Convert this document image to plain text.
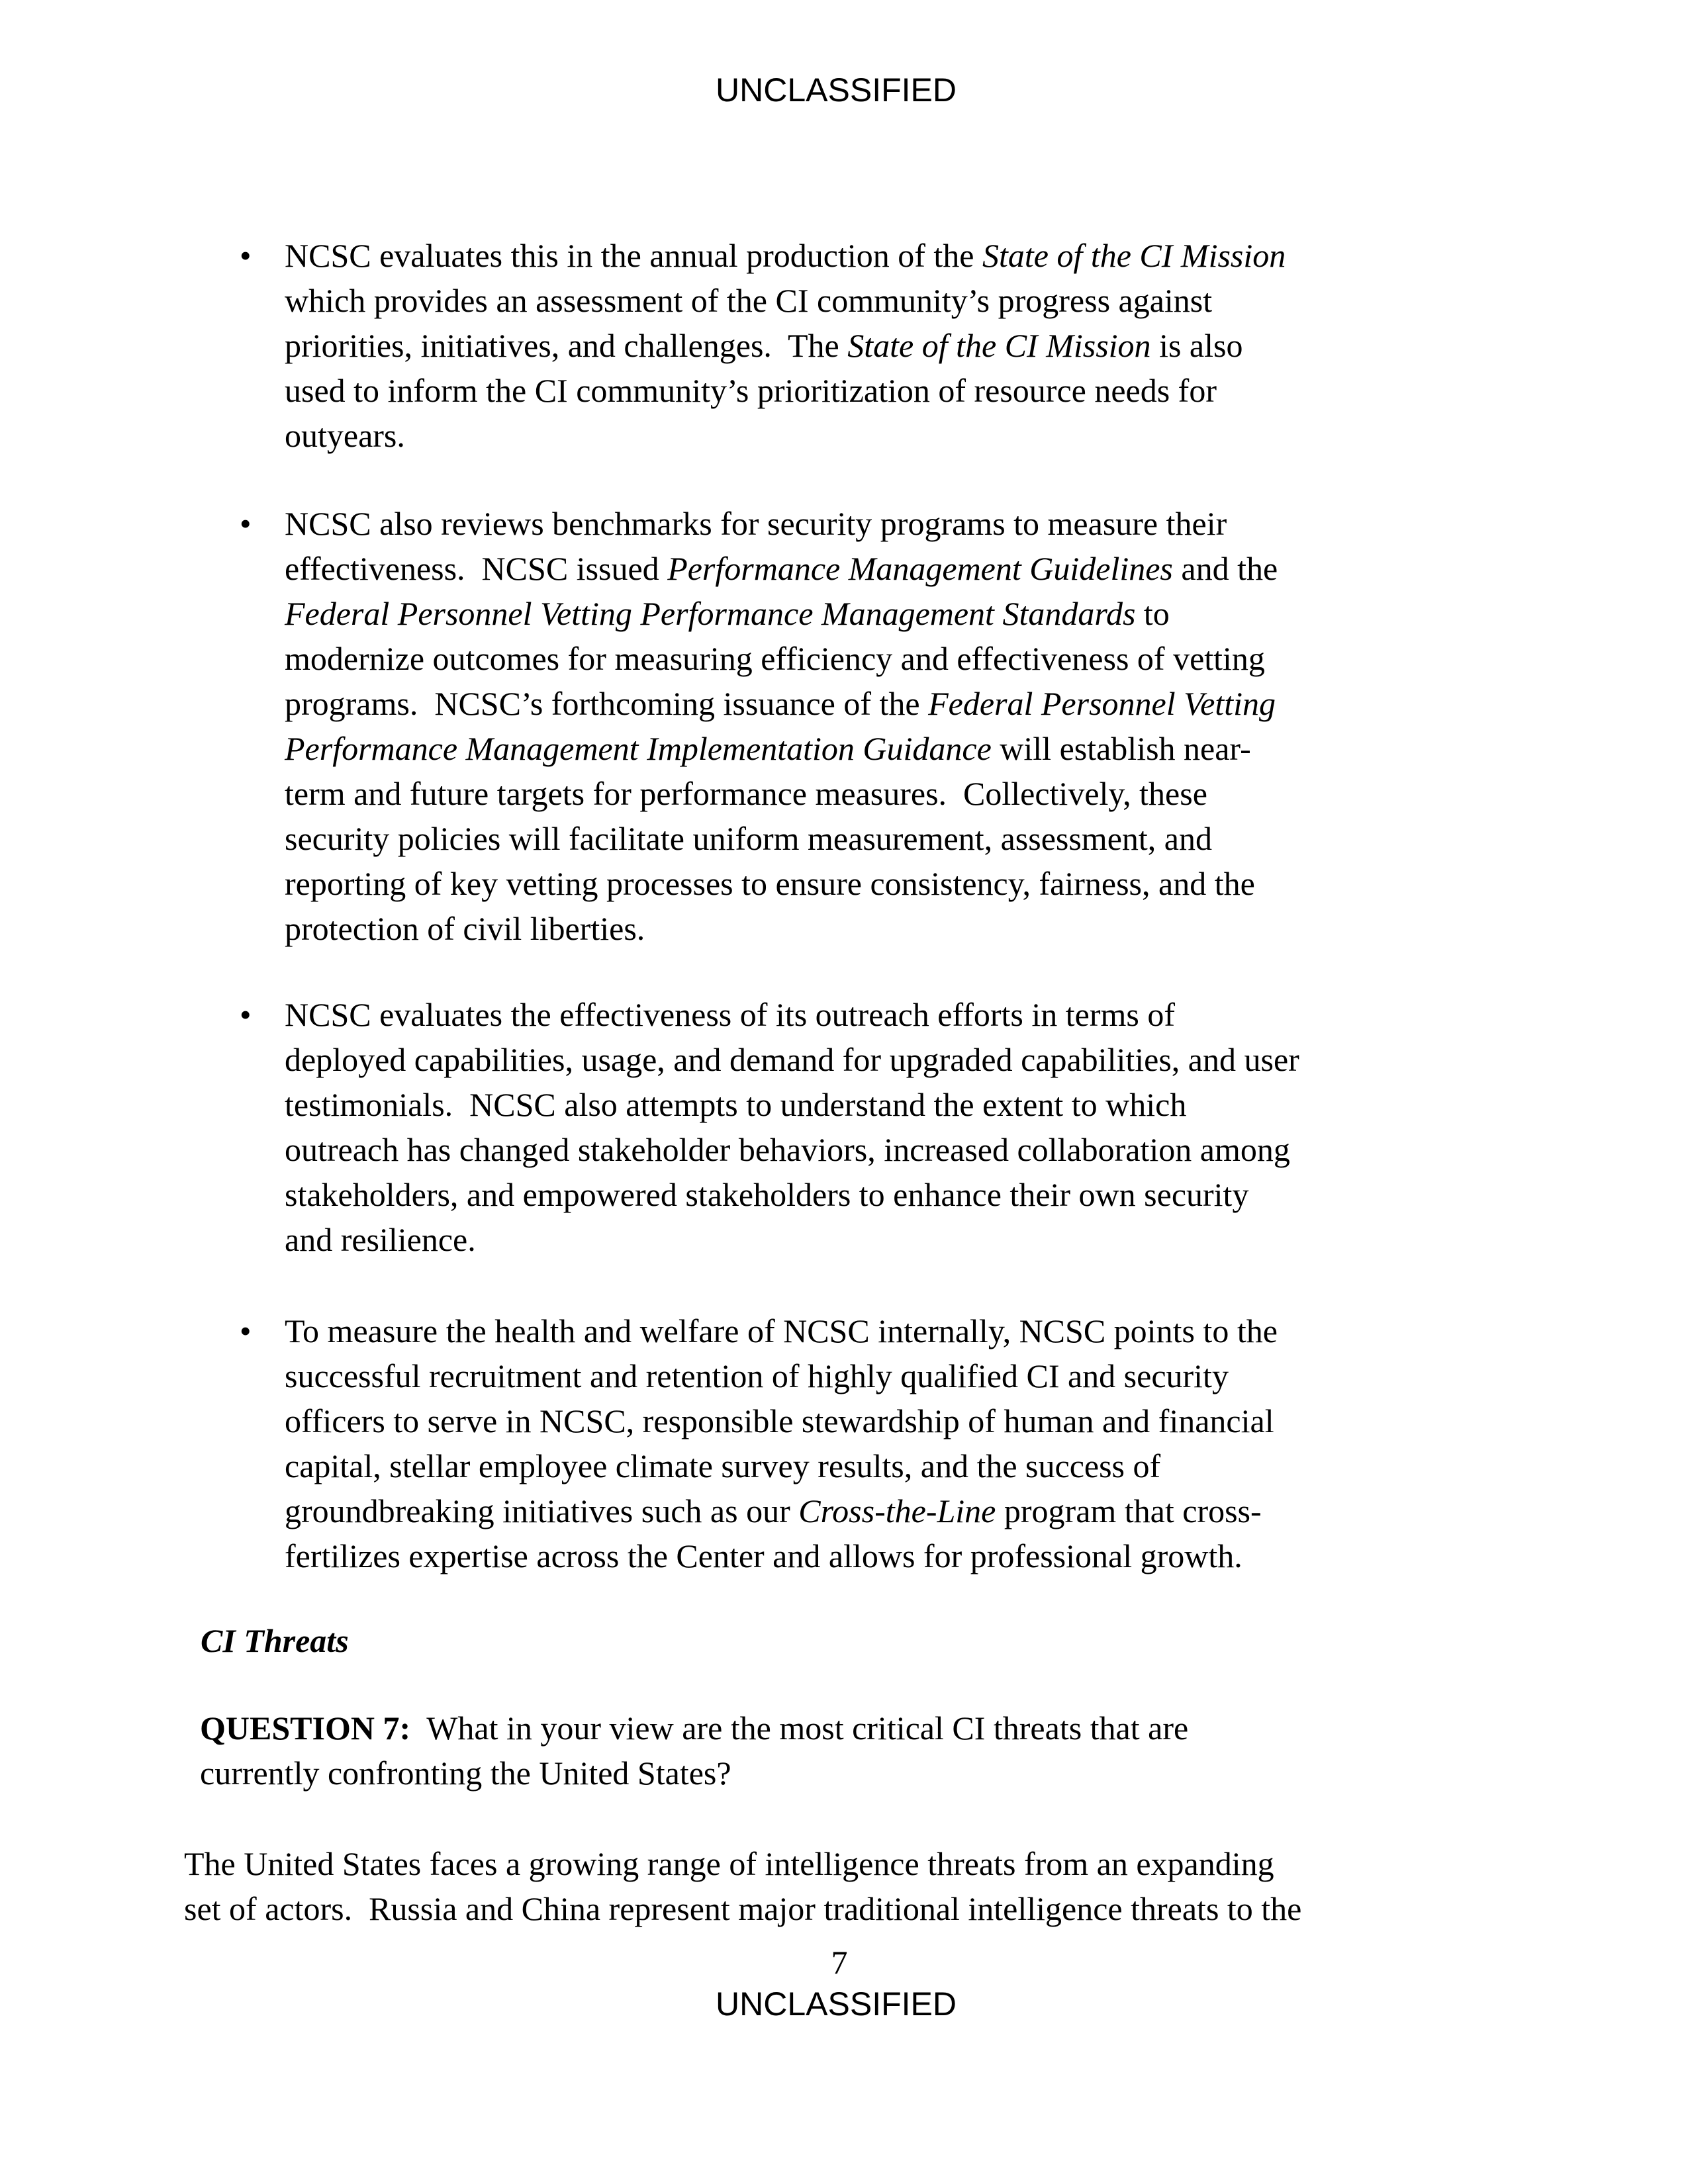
UNCLASSIFIED
•	NCSC evaluates this in the annual production of the State of the CI Mission
which provides an assessment of the CI community’s progress against
priorities, initiatives, and challenges.  The State of the CI Mission is also
used to inform the CI community’s prioritization of resource needs for
outyears.
•	NCSC also reviews benchmarks for security programs to measure their
effectiveness.  NCSC issued Performance Management Guidelines and the
Federal Personnel Vetting Performance Management Standards to
modernize outcomes for measuring efficiency and effectiveness of vetting
programs.  NCSC’s forthcoming issuance of the Federal Personnel Vetting
Performance Management Implementation Guidance will establish near-
term and future targets for performance measures.  Collectively, these
security policies will facilitate uniform measurement, assessment, and
reporting of key vetting processes to ensure consistency, fairness, and the
protection of civil liberties.
•	NCSC evaluates the effectiveness of its outreach efforts in terms of
deployed capabilities, usage, and demand for upgraded capabilities, and user
testimonials.  NCSC also attempts to understand the extent to which
outreach has changed stakeholder behaviors, increased collaboration among
stakeholders, and empowered stakeholders to enhance their own security
and resilience.
•	To measure the health and welfare of NCSC internally, NCSC points to the
successful recruitment and retention of highly qualified CI and security
officers to serve in NCSC, responsible stewardship of human and financial
capital, stellar employee climate survey results, and the success of
groundbreaking initiatives such as our Cross-the-Line program that cross-
fertilizes expertise across the Center and allows for professional growth.
CI Threats
QUESTION 7:  What in your view are the most critical CI threats that are
currently confronting the United States?
The United States faces a growing range of intelligence threats from an expanding
set of actors.  Russia and China represent major traditional intelligence threats to the
7
UNCLASSIFIED
